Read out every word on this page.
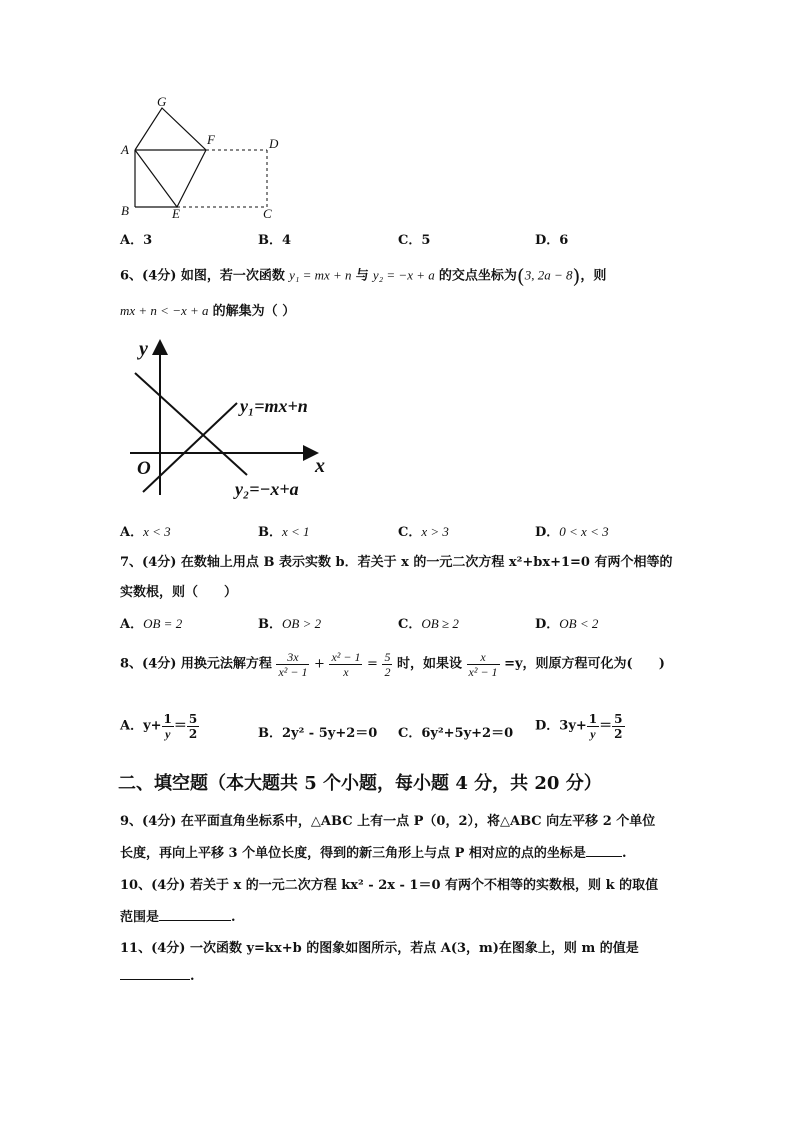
G
A
F	D
B	E	C
A．3	B．4	C．5	D．6
6、(4分) 如图，若一次函数 y₁ = mx + n 与 y₂ = −x + a 的交点坐标为(3, 2a − 8)，则
mx + n < −x + a 的解集为（ ）
y
x
O
y₁=mx+n
y₂=−x+a
A．x < 3	B．x < 1	C．x > 3	D．0 < x < 3
7、(4分) 在数轴上用点 B 表示实数 b．若关于 x 的一元二次方程 x²+bx+1=0 有两个相等的
实数根，则（　　）
A．OB = 2	B．OB > 2	C．OB ≥ 2	D．OB < 2
8、(4分) 用换元法解方程 $\frac{3x}{\text{x² − 1}} + \frac{\text{x² − 1}}{x} = \frac{5}{2}$ 时，如果设 $\frac{x}{\text{x² − 1}} =y$，则原方程可化为(　　)
A．$y+ \frac{1}{y} = \frac{5}{2}$	B．2y² - 5y+2＝0 C．6y²+5y+2＝0 D．$3y+ \frac{1}{y} = \frac{5}{2}$
二、填空题（本大题共 5 个小题，每小题 4 分，共 20 分）
9、(4分) 在平面直角坐标系中，△ABC 上有一点 P（0，2），将△ABC 向左平移 2 个单位
长度，再向上平移 3 个单位长度，得到的新三角形上与点 P 相对应的点的坐标是	.
10、(4分) 若关于 x 的一元二次方程 kx² - 2x - 1＝0 有两个不相等的实数根，则 k 的取值
范围是	.
11、(4分) 一次函数 y=kx+b 的图象如图所示，若点 A(3，m)在图象上，则 m 的值是
.
